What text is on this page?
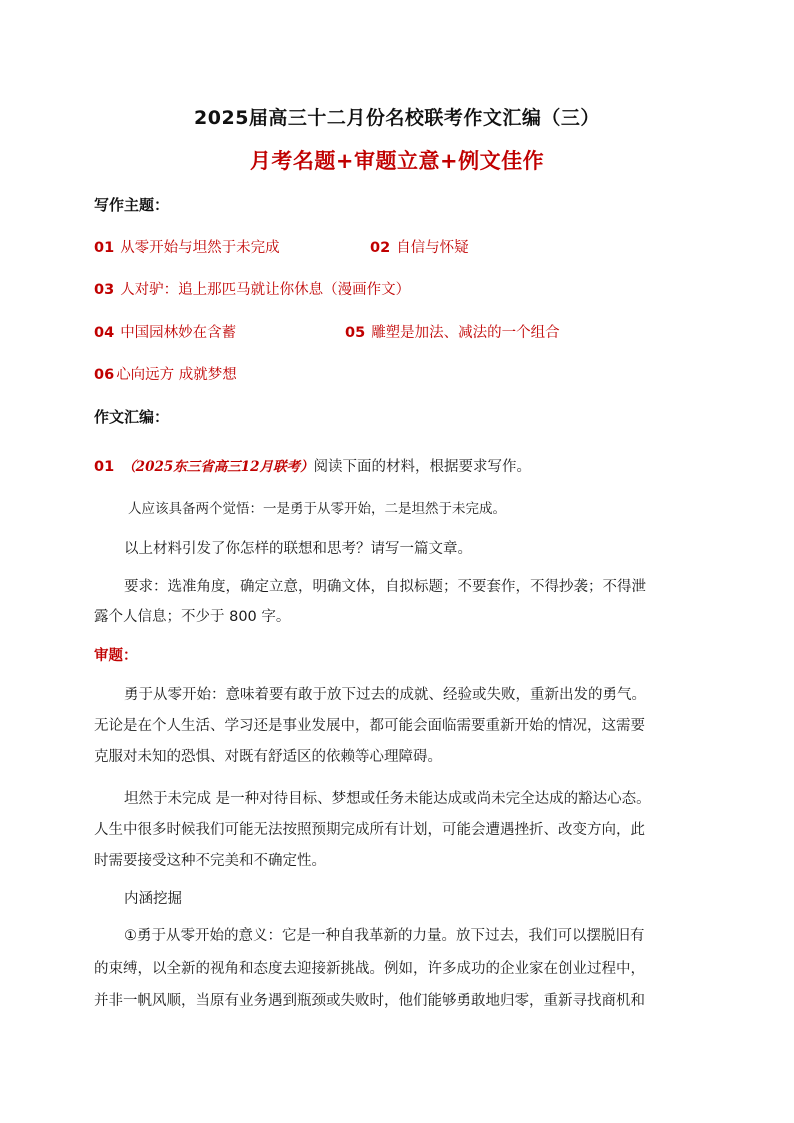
2025届高三十二月份名校联考作文汇编（三）
月考名题+审题立意+例文佳作
写作主题：
01 从零开始与坦然于未完成	02 自信与怀疑
03 人对驴：追上那匹马就让你休息（漫画作文）
04 中国园林妙在含蓄	05 雕塑是加法、减法的一个组合
06 心向远方 成就梦想
作文汇编：
01 （2025东三省高三12月联考）阅读下面的材料，根据要求写作。
人应该具备两个觉悟：一是勇于从零开始，二是坦然于未完成。
以上材料引发了你怎样的联想和思考？请写一篇文章。
要求：选准角度，确定立意，明确文体，自拟标题；不要套作，不得抄袭；不得泄
露个人信息；不少于 800 字。
审题：
勇于从零开始：意味着要有敢于放下过去的成就、经验或失败，重新出发的勇气。
无论是在个人生活、学习还是事业发展中，都可能会面临需要重新开始的情况，这需要
克服对未知的恐惧、对既有舒适区的依赖等心理障碍。
坦然于未完成 是一种对待目标、梦想或任务未能达成或尚未完全达成的豁达心态。
人生中很多时候我们可能无法按照预期完成所有计划，可能会遭遇挫折、改变方向，此
时需要接受这种不完美和不确定性。
内涵挖掘
①勇于从零开始的意义：它是一种自我革新的力量。放下过去，我们可以摆脱旧有
的束缚，以全新的视角和态度去迎接新挑战。例如，许多成功的企业家在创业过程中，
并非一帆风顺，当原有业务遇到瓶颈或失败时，他们能够勇敢地归零，重新寻找商机和
